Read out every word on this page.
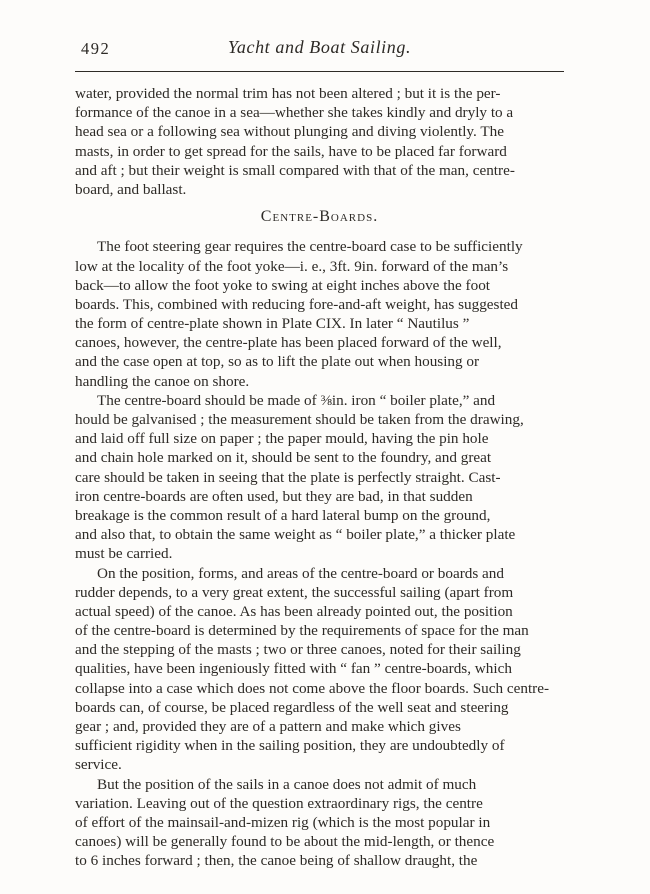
492	Yacht and Boat Sailing.
water, provided the normal trim has not been altered ; but it is the per-
formance of the canoe in a sea—whether she takes kindly and dryly to a
head sea or a following sea without plunging and diving violently. The
masts, in order to get spread for the sails, have to be placed far forward
and aft ; but their weight is small compared with that of the man, centre-
board, and ballast.
Centre-Boards.
The foot steering gear requires the centre-board case to be sufficiently
low at the locality of the foot yoke—i. e., 3ft. 9in. forward of the man’s
back—to allow the foot yoke to swing at eight inches above the foot
boards. This, combined with reducing fore-and-aft weight, has suggested
the form of centre-plate shown in Plate CIX. In later “ Nautilus ”
canoes, however, the centre-plate has been placed forward of the well,
and the case open at top, so as to lift the plate out when housing or
handling the canoe on shore.
The centre-board should be made of ⅜in. iron “ boiler plate,” and
hould be galvanised ; the measurement should be taken from the drawing,
and laid off full size on paper ; the paper mould, having the pin hole
and chain hole marked on it, should be sent to the foundry, and great
care should be taken in seeing that the plate is perfectly straight. Cast-
iron centre-boards are often used, but they are bad, in that sudden
breakage is the common result of a hard lateral bump on the ground,
and also that, to obtain the same weight as “ boiler plate,” a thicker plate
must be carried.
On the position, forms, and areas of the centre-board or boards and
rudder depends, to a very great extent, the successful sailing (apart from
actual speed) of the canoe. As has been already pointed out, the position
of the centre-board is determined by the requirements of space for the man
and the stepping of the masts ; two or three canoes, noted for their sailing
qualities, have been ingeniously fitted with “ fan ” centre-boards, which
collapse into a case which does not come above the floor boards. Such centre-
boards can, of course, be placed regardless of the well seat and steering
gear ; and, provided they are of a pattern and make which gives
sufficient rigidity when in the sailing position, they are undoubtedly of
service.
But the position of the sails in a canoe does not admit of much
variation. Leaving out of the question extraordinary rigs, the centre
of effort of the mainsail-and-mizen rig (which is the most popular in
canoes) will be generally found to be about the mid-length, or thence
to 6 inches forward ; then, the canoe being of shallow draught, the
